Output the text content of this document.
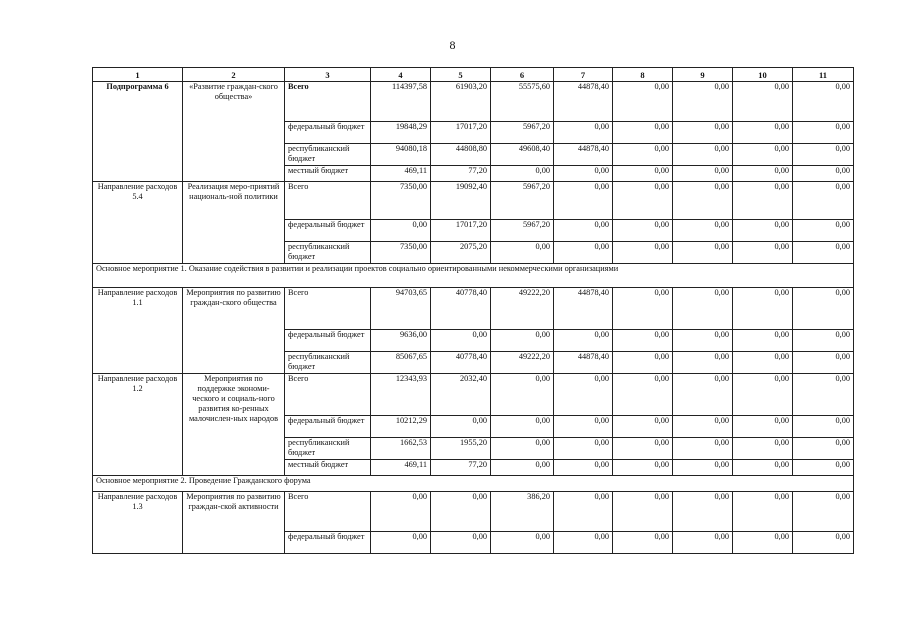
8
1	2	3	4	5	6	7	8	9	10	11
Подпрограмма 6	«Развитие граждан-ского общества»	Всего	114397,58	61903,20	55575,60	44878,40	0,00	0,00	0,00	0,00
		федеральный бюджет	19848,29	17017,20	5967,20	0,00	0,00	0,00	0,00	0,00
		республиканский бюджет	94080,18	44808,80	49608,40	44878,40	0,00	0,00	0,00	0,00
		местный бюджет	469,11	77,20	0,00	0,00	0,00	0,00	0,00	0,00
Направление расходов 5.4	Реализация меро-приятий националь-ной политики	Всего	7350,00	19092,40	5967,20	0,00	0,00	0,00	0,00	0,00
		федеральный бюджет	0,00	17017,20	5967,20	0,00	0,00	0,00	0,00	0,00
		республиканский бюджет	7350,00	2075,20	0,00	0,00	0,00	0,00	0,00	0,00
Основное мероприятие 1. Оказание содействия в развитии и реализации проектов социально ориентированными некоммерческими организациями										
Направление расходов 1.1	Мероприятия по развитию граждан-ского общества	Всего	94703,65	40778,40	49222,20	44878,40	0,00	0,00	0,00	0,00
		федеральный бюджет	9636,00	0,00	0,00	0,00	0,00	0,00	0,00	0,00
		республиканский бюджет	85067,65	40778,40	49222,20	44878,40	0,00	0,00	0,00	0,00
Направление расходов 1.2	Мероприятия по поддержке экономи-ческого и социаль-ного развития ко-ренных малочислен-ных народов	Всего	12343,93	2032,40	0,00	0,00	0,00	0,00	0,00	0,00
		федеральный бюджет	10212,29	0,00	0,00	0,00	0,00	0,00	0,00	0,00
		республиканский бюджет	1662,53	1955,20	0,00	0,00	0,00	0,00	0,00	0,00
		местный бюджет	469,11	77,20	0,00	0,00	0,00	0,00	0,00	0,00
Основное мероприятие 2. Проведение Гражданского форума										
Направление расходов 1.3	Мероприятия по развитию граждан-ской активности	Всего	0,00	0,00	386,20	0,00	0,00	0,00	0,00	0,00
		федеральный бюджет	0,00	0,00	0,00	0,00	0,00	0,00	0,00	0,00
